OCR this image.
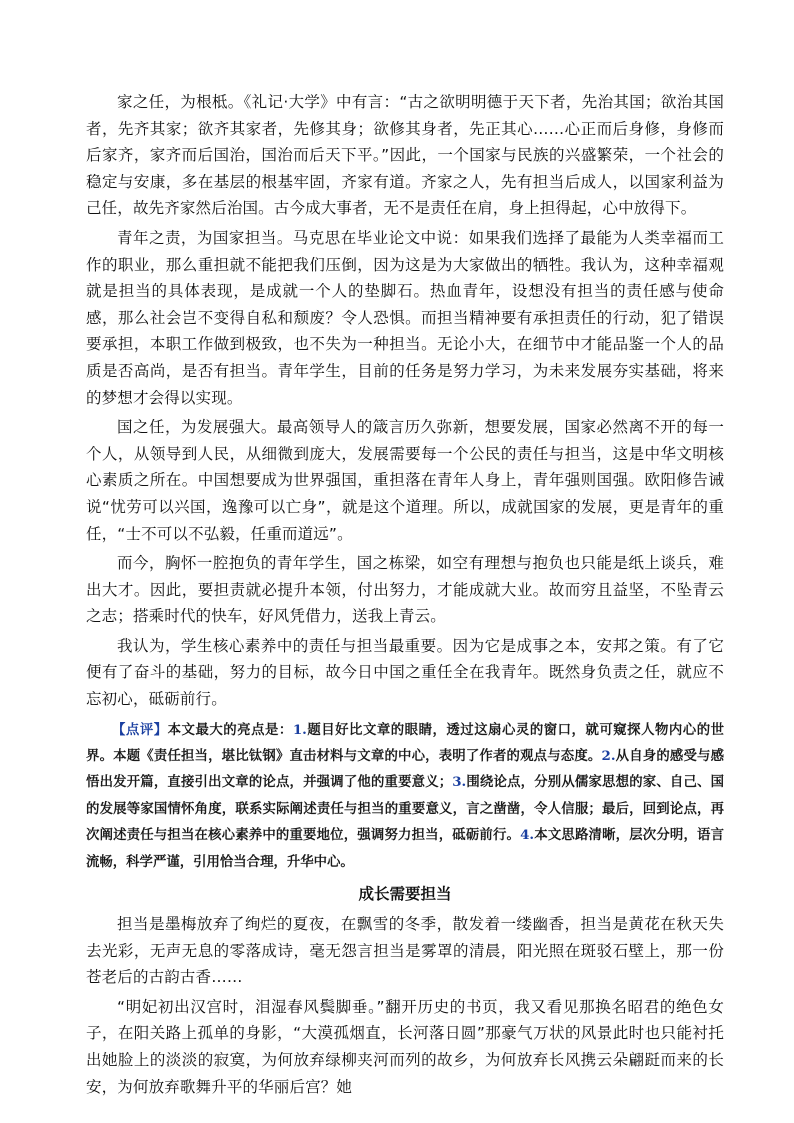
家之任，为根柢。《礼记·大学》中有言：“古之欲明明德于天下者，先治其国；欲治其国者，先齐其家；欲齐其家者，先修其身；欲修其身者，先正其心……心正而后身修，身修而后家齐，家齐而后国治，国治而后天下平。”因此，一个国家与民族的兴盛繁荣，一个社会的稳定与安康，多在基层的根基牢固，齐家有道。齐家之人，先有担当后成人，以国家利益为己任，故先齐家然后治国。古今成大事者，无不是责任在肩，身上担得起，心中放得下。

青年之责，为国家担当。马克思在毕业论文中说：如果我们选择了最能为人类幸福而工作的职业，那么重担就不能把我们压倒，因为这是为大家做出的牺牲。我认为，这种幸福观就是担当的具体表现，是成就一个人的垫脚石。热血青年，设想没有担当的责任感与使命感，那么社会岂不变得自私和颓废？令人恐惧。而担当精神要有承担责任的行动，犯了错误要承担，本职工作做到极致，也不失为一种担当。无论小大，在细节中才能品鉴一个人的品质是否高尚，是否有担当。青年学生，目前的任务是努力学习，为未来发展夯实基础，将来的梦想才会得以实现。

国之任，为发展强大。最高领导人的箴言历久弥新，想要发展，国家必然离不开的每一个人，从领导到人民，从细微到庞大，发展需要每一个公民的责任与担当，这是中华文明核心素质之所在。中国想要成为世界强国，重担落在青年人身上，青年强则国强。欧阳修告诫说“忧劳可以兴国，逸豫可以亡身”，就是这个道理。所以，成就国家的发展，更是青年的重任，“士不可以不弘毅，任重而道远”。

而今，胸怀一腔抱负的青年学生，国之栋梁，如空有理想与抱负也只能是纸上谈兵，难出大才。因此，要担责就必提升本领，付出努力，才能成就大业。故而穷且益坚，不坠青云之志；搭乘时代的快车，好风凭借力，送我上青云。

我认为，学生核心素养中的责任与担当最重要。因为它是成事之本，安邦之策。有了它便有了奋斗的基础，努力的目标，故今日中国之重任全在我青年。既然身负责之任，就应不忘初心，砥砺前行。

【点评】本文最大的亮点是：1.题目好比文章的眼睛，透过这扇心灵的窗口，就可窥探人物内心的世界。本题《责任担当，堪比钛钢》直击材料与文章的中心，表明了作者的观点与态度。2.从自身的感受与感悟出发开篇，直接引出文章的论点，并强调了他的重要意义；3.围绕论点，分别从儒家思想的家、自己、国的发展等家国情怀角度，联系实际阐述责任与担当的重要意义，言之凿凿，令人信服；最后，回到论点，再次阐述责任与担当在核心素养中的重要地位，强调努力担当，砥砺前行。4.本文思路清晰，层次分明，语言流畅，科学严谨，引用恰当合理，升华中心。

成长需要担当

担当是墨梅放弃了绚烂的夏夜，在飘雪的冬季，散发着一缕幽香，担当是黄花在秋天失去光彩，无声无息的零落成诗，毫无怨言担当是雾罩的清晨，阳光照在斑驳石壁上，那一份苍老后的古韵古香……

“明妃初出汉宫时，泪湿春风鬓脚垂。”翻开历史的书页，我又看见那换名昭君的绝色女子，在阳关路上孤单的身影，“大漠孤烟直，长河落日圆”那豪气万状的风景此时也只能衬托出她脸上的淡淡的寂寞，为何放弃绿柳夹河而列的故乡，为何放弃长风携云朵翩跹而来的长安，为何放弃歌舞升平的华丽后宫？她
